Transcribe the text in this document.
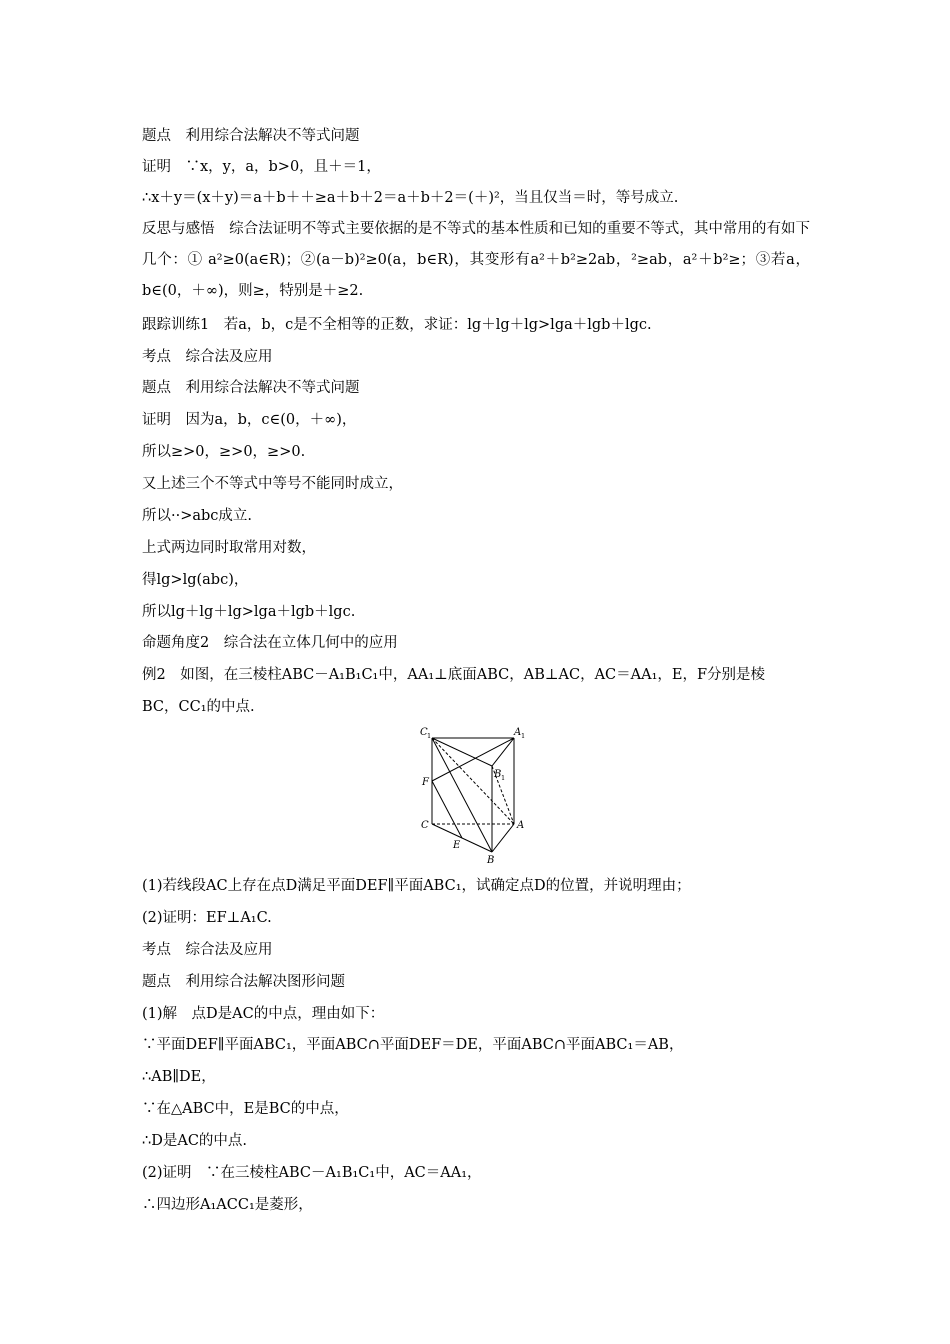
题点　利用综合法解决不等式问题
证明　∵x，y，a，b>0，且＋＝1，
∴x＋y＝(x＋y)＝a＋b＋＋≥a＋b＋2＝a＋b＋2＝(＋)²，当且仅当＝时，等号成立.
反思与感悟　综合法证明不等式主要依据的是不等式的基本性质和已知的重要不等式，其中常用的有如下几个：① a²≥0(a∈R)；②(a－b)²≥0(a，b∈R)，其变形有a²＋b²≥2ab，²≥ab，a²＋b²≥；③若a，b∈(0，＋∞)，则≥，特别是＋≥2.
跟踪训练1　若a，b，c是不全相等的正数，求证：lg＋lg＋lg>lga＋lgb＋lgc.
考点　综合法及应用
题点　利用综合法解决不等式问题
证明　因为a，b，c∈(0，＋∞)，
所以≥>0，≥>0，≥>0.
又上述三个不等式中等号不能同时成立，
所以··>abc成立.
上式两边同时取常用对数，
得lg>lg(abc)，
所以lg＋lg＋lg>lga＋lgb＋lgc.
命题角度2　综合法在立体几何中的应用
例2　如图，在三棱柱ABC－A₁B₁C₁中，AA₁⊥底面ABC，AB⊥AC，AC＝AA₁，E，F分别是棱
BC，CC₁的中点.
C 1	A 1
B 1
F
C	A
E
B
(1)若线段AC上存在点D满足平面DEF∥平面ABC₁，试确定点D的位置，并说明理由；
(2)证明：EF⊥A₁C.
考点　综合法及应用
题点　利用综合法解决图形问题
(1)解　点D是AC的中点，理由如下：
∵平面DEF∥平面ABC₁，平面ABC∩平面DEF＝DE，平面ABC∩平面ABC₁＝AB，
∴AB∥DE，
∵在△ABC中，E是BC的中点，
∴D是AC的中点.
(2)证明　∵在三棱柱ABC－A₁B₁C₁中，AC＝AA₁，
∴四边形A₁ACC₁是菱形，
